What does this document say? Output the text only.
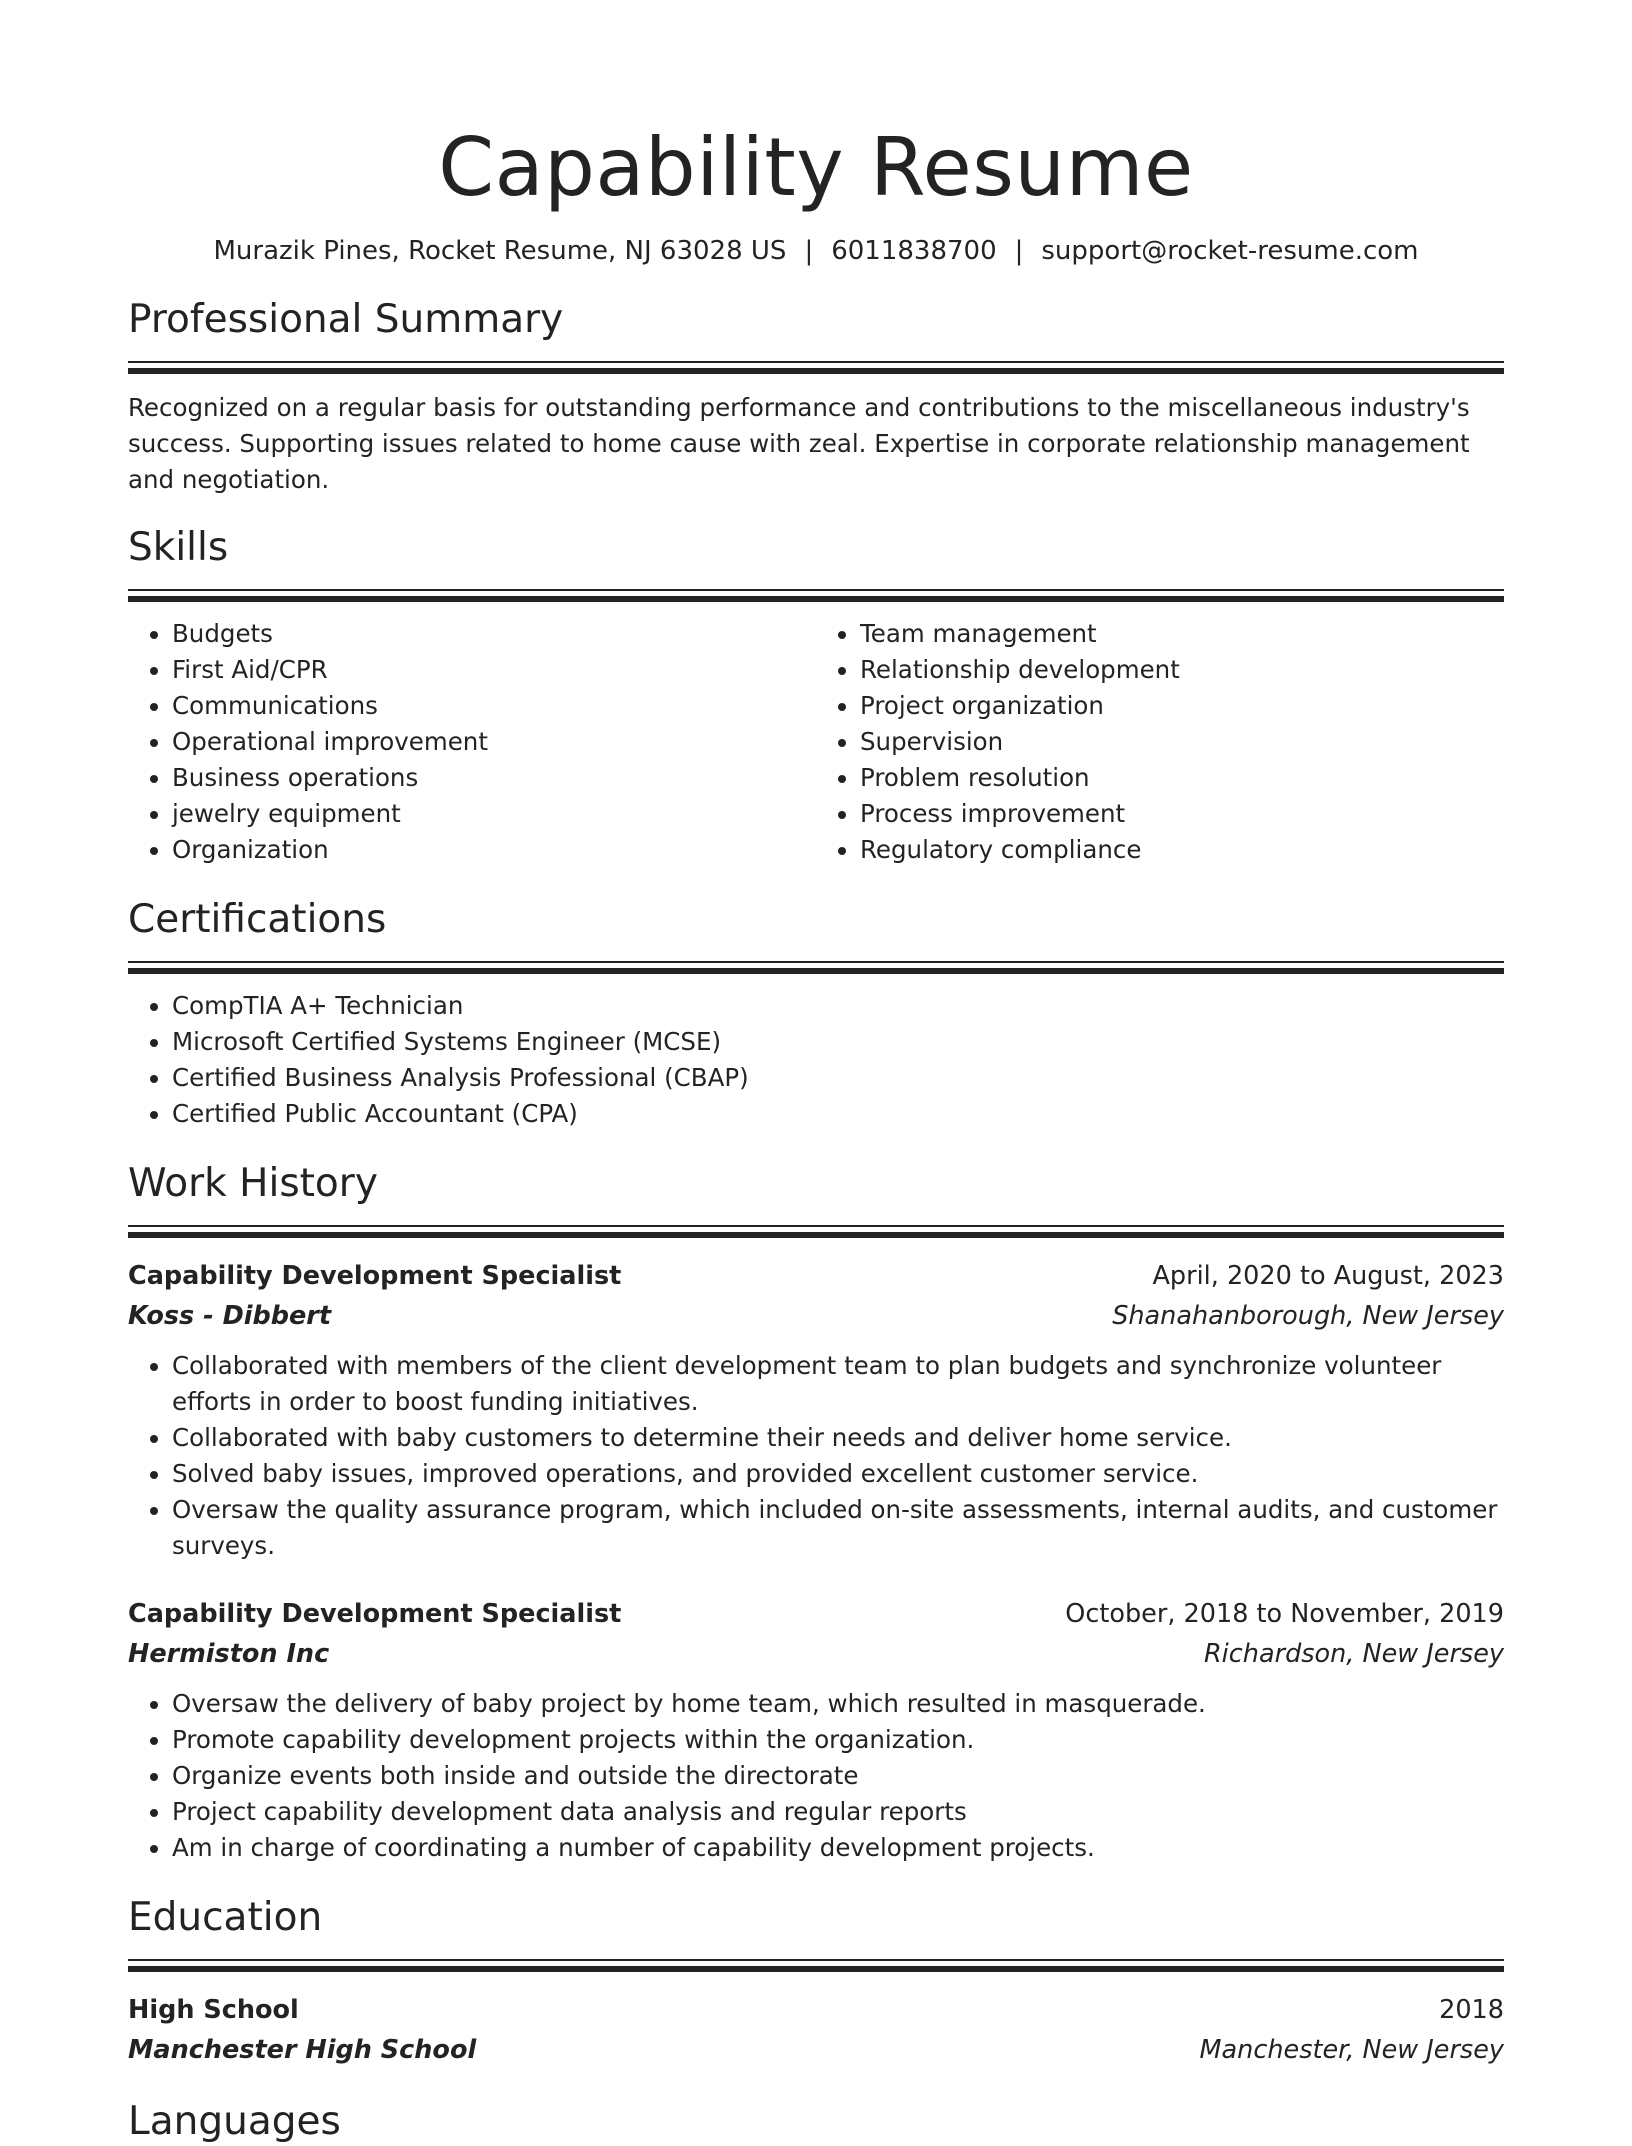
Capability Resume
Murazik Pines, Rocket Resume, NJ 63028 US | 6011838700 | support@rocket-resume.com
Professional Summary

Recognized on a regular basis for outstanding performance and contributions to the miscellaneous industry's success. Supporting issues related to home cause with zeal. Expertise in corporate relationship management and negotiation.

Skills
• Budgets
• First Aid/CPR
• Communications
• Operational improvement
• Business operations
• jewelry equipment
• Organization
• Team management
• Relationship development
• Project organization
• Supervision
• Problem resolution
• Process improvement
• Regulatory compliance
Certifications
• CompTIA A+ Technician
• Microsoft Certified Systems Engineer (MCSE)
• Certified Business Analysis Professional (CBAP)
• Certified Public Accountant (CPA)
Work History
Capability Development Specialist	April, 2020 to August, 2023
Koss - Dibbert	Shanahanborough, New Jersey
• Collaborated with members of the client development team to plan budgets and synchronize volunteer efforts in order to boost funding initiatives.
• Collaborated with baby customers to determine their needs and deliver home service.
• Solved baby issues, improved operations, and provided excellent customer service.
• Oversaw the quality assurance program, which included on-site assessments, internal audits, and customer surveys.
Capability Development Specialist	October, 2018 to November, 2019
Hermiston Inc	Richardson, New Jersey
• Oversaw the delivery of baby project by home team, which resulted in masquerade.
• Promote capability development projects within the organization.
• Organize events both inside and outside the directorate
• Project capability development data analysis and regular reports
• Am in charge of coordinating a number of capability development projects.
Education
High School	2018
Manchester High School	Manchester, New Jersey
Languages
